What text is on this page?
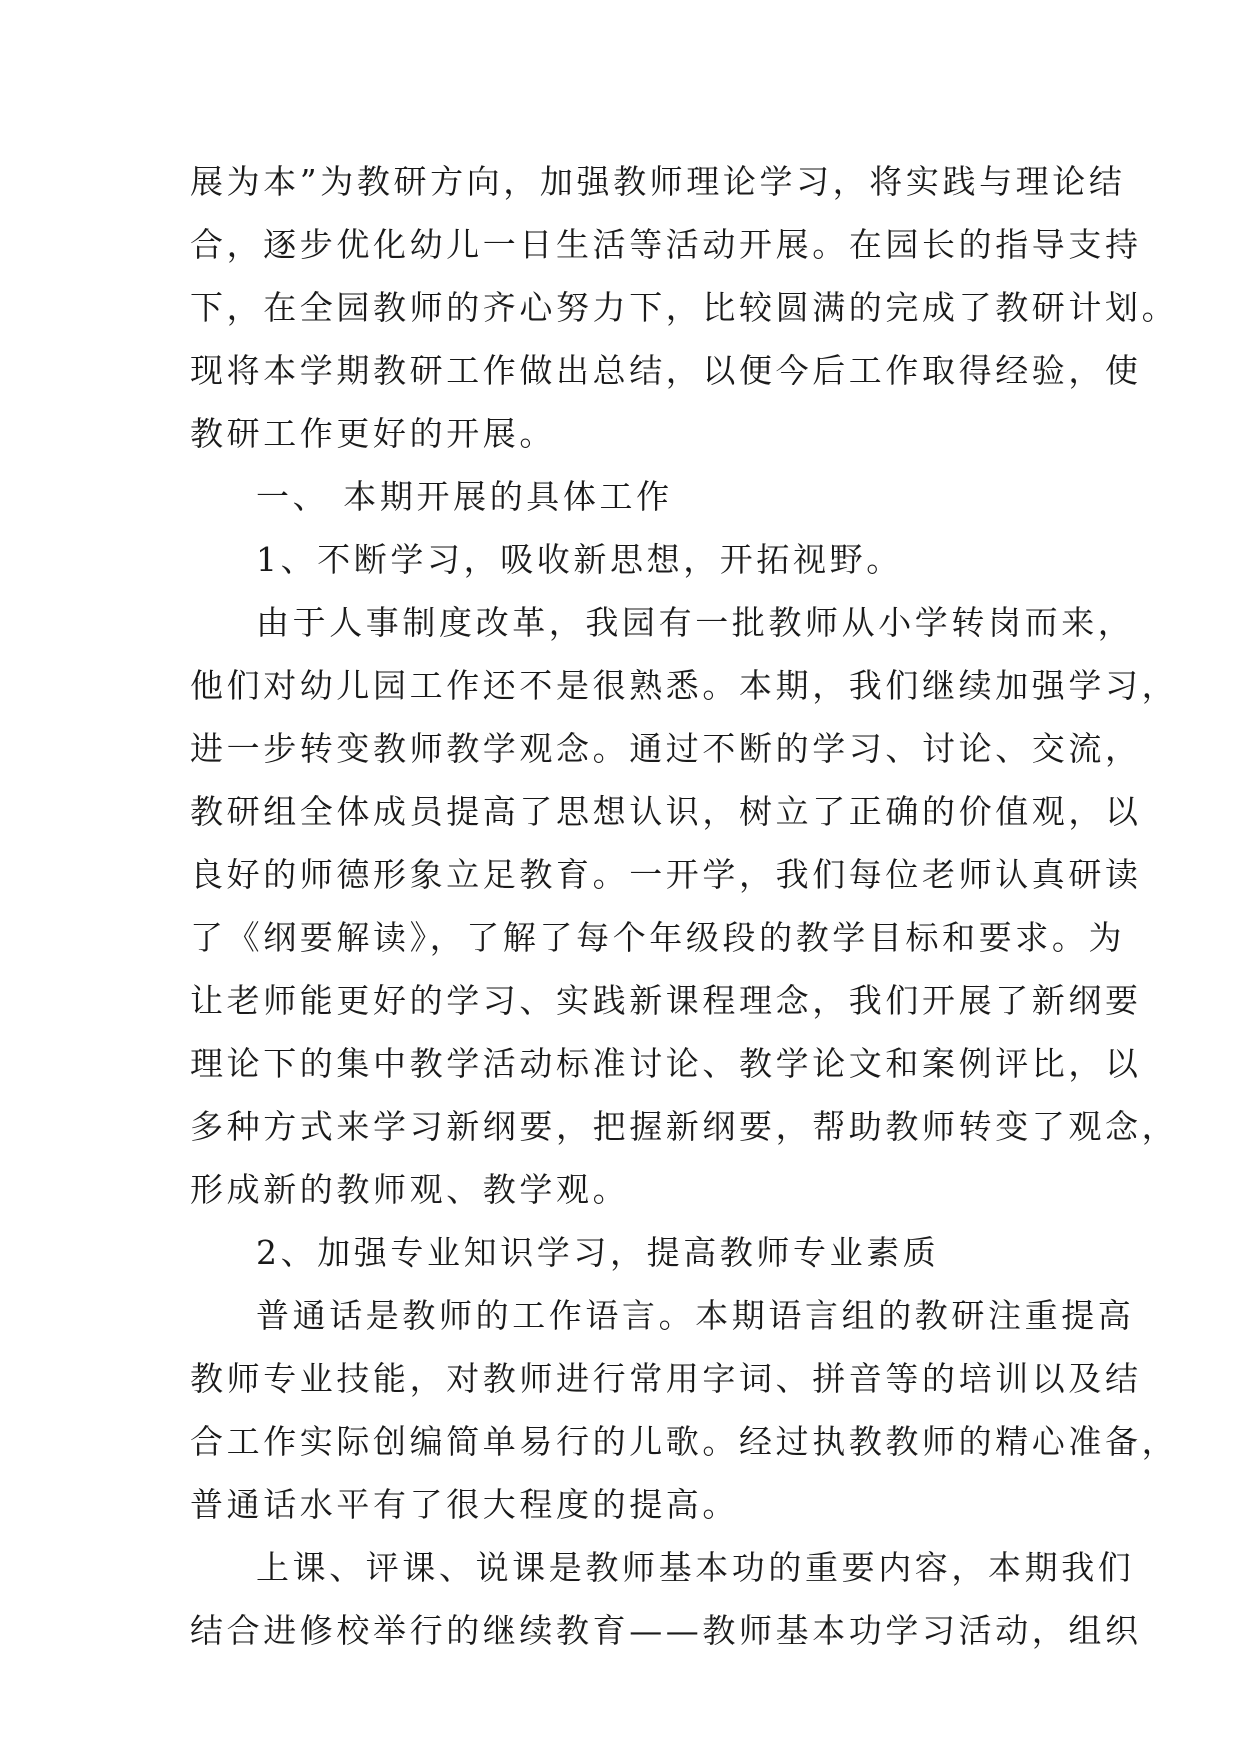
展为本”为教研方向，加强教师理论学习，将实践与理论结
合，逐步优化幼儿一日生活等活动开展。在园长的指导支持
下，在全园教师的齐心努力下，比较圆满的完成了教研计划。
现将本学期教研工作做出总结，以便今后工作取得经验，使
教研工作更好的开展。
一、 本期开展的具体工作
1、不断学习，吸收新思想，开拓视野。
由于人事制度改革，我园有一批教师从小学转岗而来，
他们对幼儿园工作还不是很熟悉。本期，我们继续加强学习，
进一步转变教师教学观念。通过不断的学习、讨论、交流，
教研组全体成员提高了思想认识，树立了正确的价值观，以
良好的师德形象立足教育。一开学，我们每位老师认真研读
了《纲要解读》，了解了每个年级段的教学目标和要求。为
让老师能更好的学习、实践新课程理念，我们开展了新纲要
理论下的集中教学活动标准讨论、教学论文和案例评比，以
多种方式来学习新纲要，把握新纲要，帮助教师转变了观念，
形成新的教师观、教学观。
2、加强专业知识学习，提高教师专业素质
普通话是教师的工作语言。本期语言组的教研注重提高
教师专业技能，对教师进行常用字词、拼音等的培训以及结
合工作实际创编简单易行的儿歌。经过执教教师的精心准备，
普通话水平有了很大程度的提高。
上课、评课、说课是教师基本功的重要内容，本期我们
结合进修校举行的继续教育——教师基本功学习活动，组织
